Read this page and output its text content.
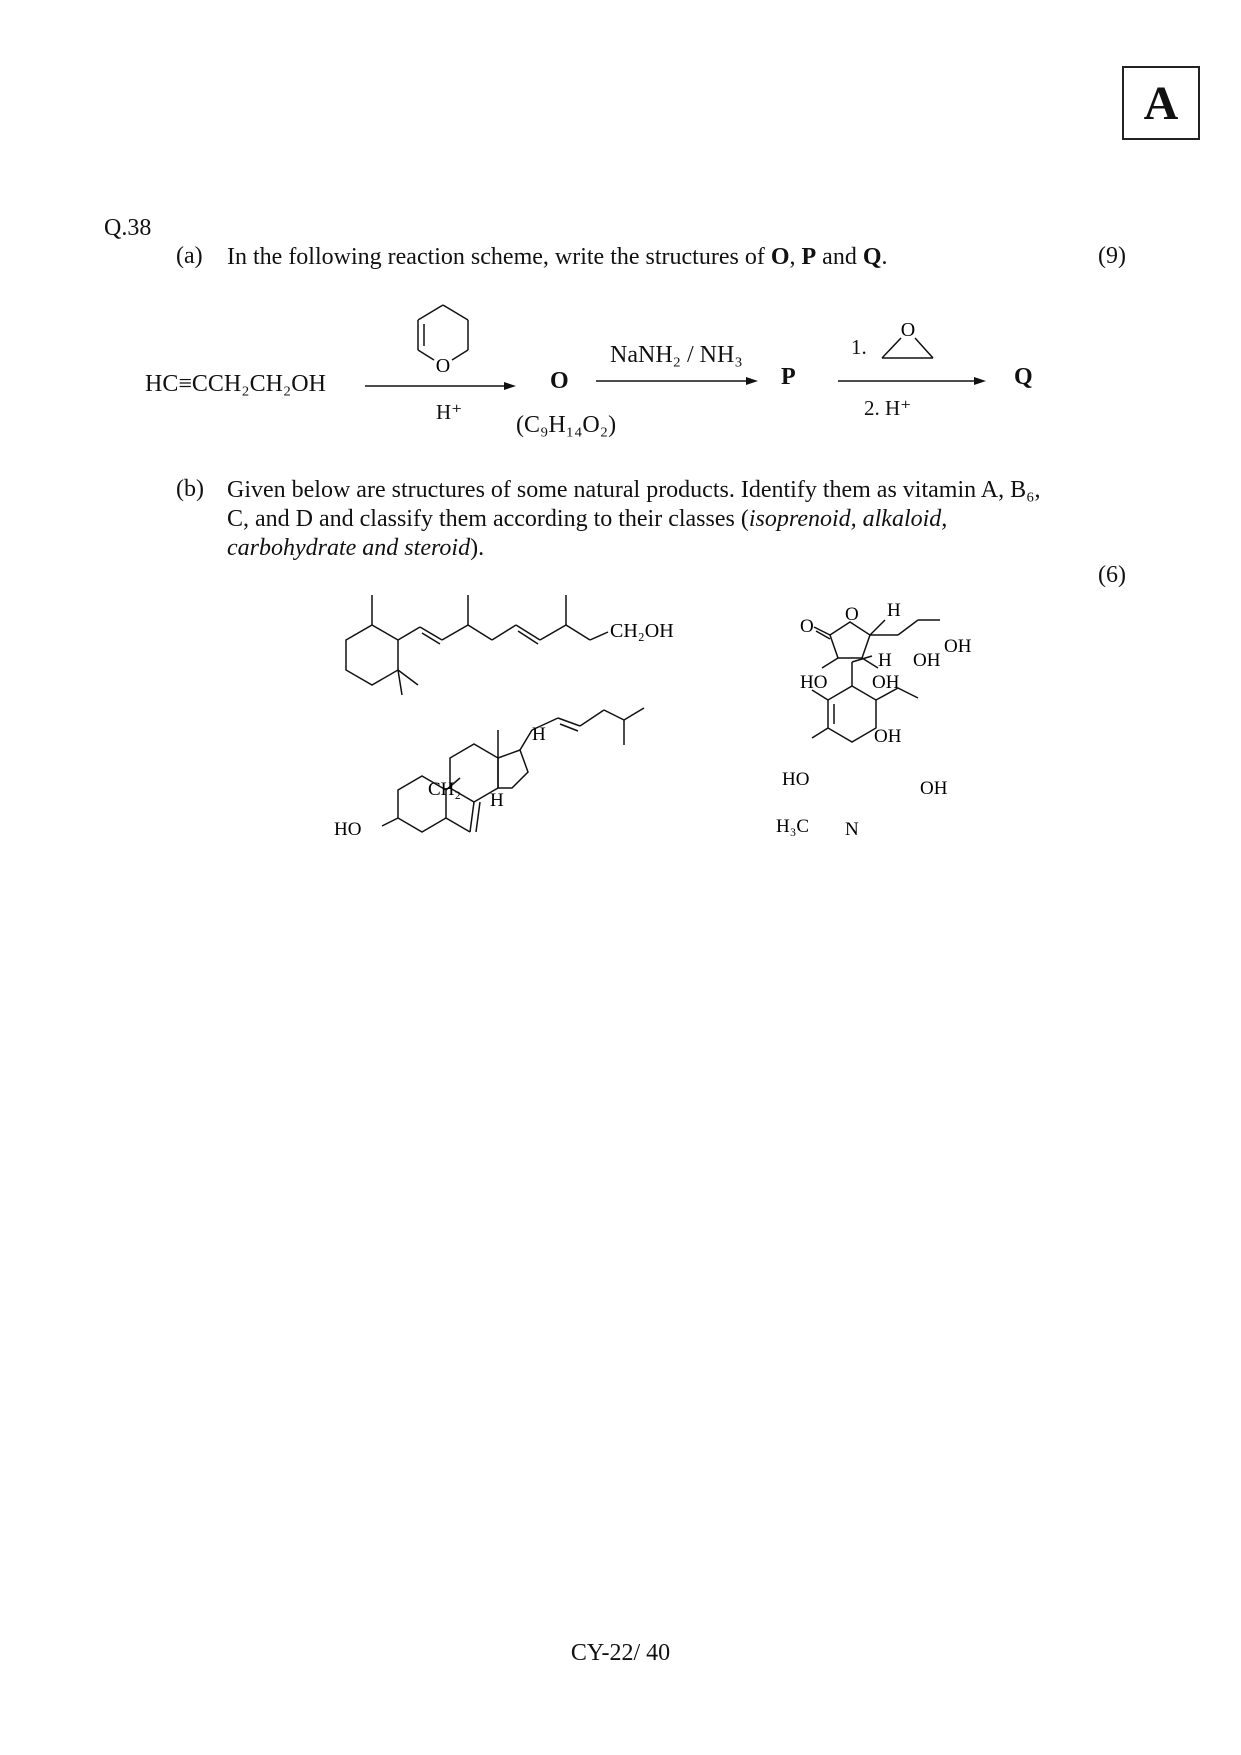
A
Q.38
(a) In the following reaction scheme, write the structures of O, P and Q.	(9)
HC≡CCH₂CH₂OH
O
O
H⁺
O
(C₉H₁₄O₂)
NaNH₂ / NH₃
P
1.
2. H⁺
Q
(b) Given below are structures of some natural products. Identify them as vitamin A, B₆,
C, and D and classify them according to their classes (isoprenoid, alkaloid,
carbohydrate and steroid).
(6)
CH₂OH	O
O H
OH
H OH
HO OH
H
CH₂
H
HO
OH
HO	OH
H₃C N
CY-22/ 40
